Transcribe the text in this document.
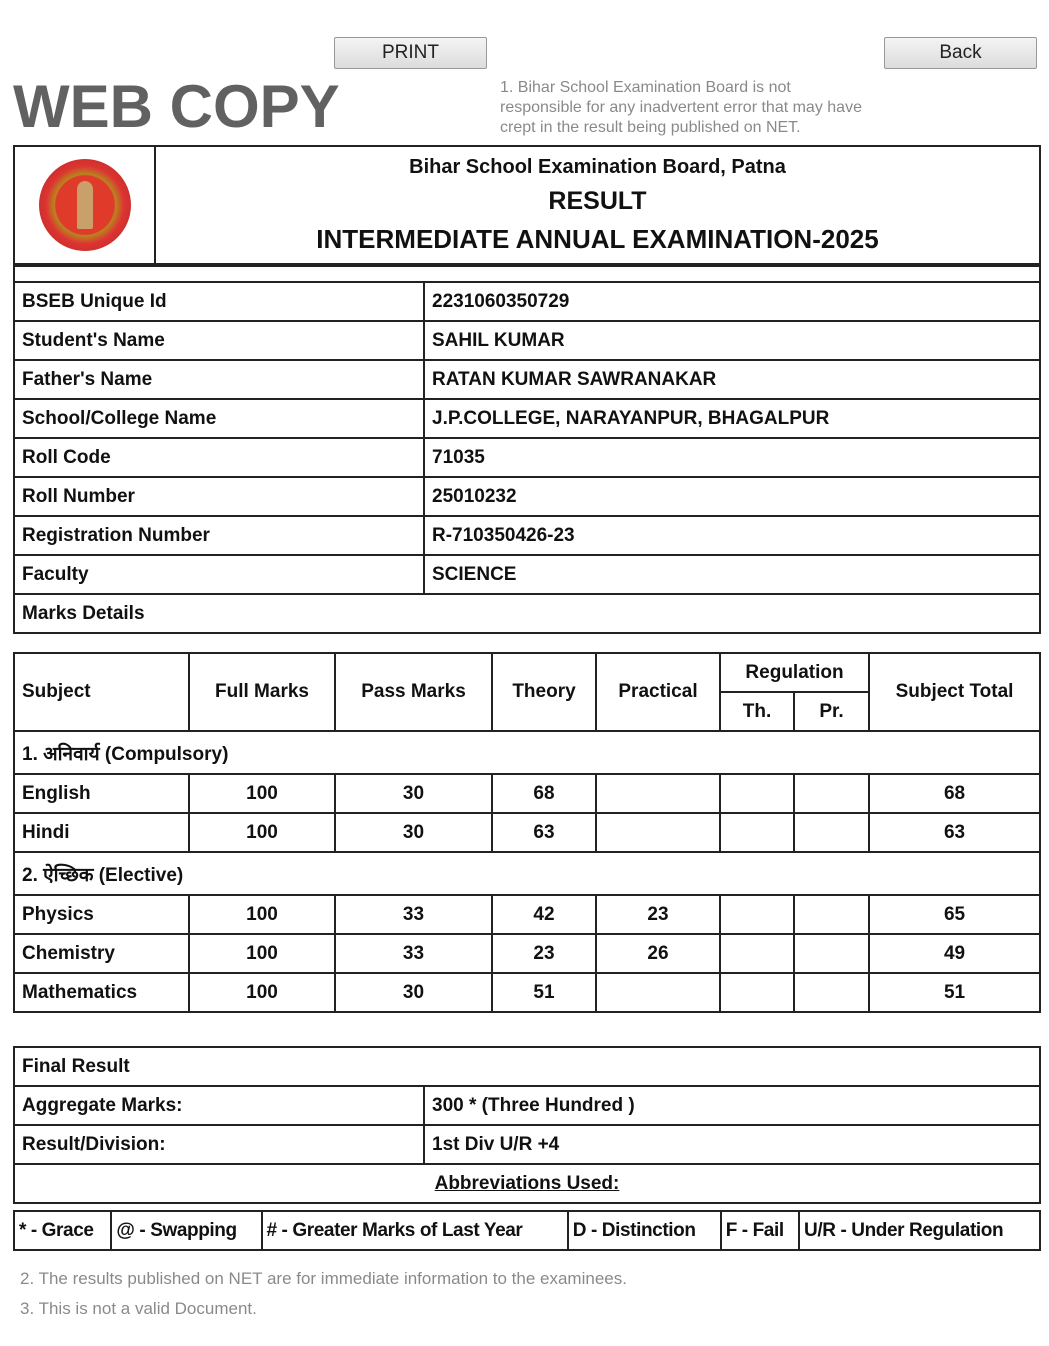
PRINT	Back
WEB COPY	1. Bihar School Examination Board is not responsible for any inadvertent error that may have crept in the result being published on NET.

Bihar School Examination Board, Patna
RESULT
INTERMEDIATE ANNUAL EXAMINATION-2025

BSEB Unique Id	2231060350729
Student's Name	SAHIL KUMAR
Father's Name	RATAN KUMAR SAWRANAKAR
School/College Name	J.P.COLLEGE, NARAYANPUR, BHAGALPUR
Roll Code	71035
Roll Number	25010232
Registration Number	R-710350426-23
Faculty	SCIENCE
Marks Details	
Subject	Full Marks	Pass Marks	Theory	Practical	Regulation		Subject Total
					Th.	Pr.	
1. अनिवार्य (Compulsory)							
English	100	30	68				68
Hindi	100	30	63				63
2. ऐच्छिक (Elective)							
Physics	100	33	42	23			65
Chemistry	100	33	23	26			49
Mathematics	100	30	51				51
Final Result	
Aggregate Marks:	300 * (Three Hundred )
Result/Division:	1st Div U/R +4
Abbreviations Used:	
* - Grace	@ - Swapping	# - Greater Marks of Last Year	D - Distinction	F - Fail	U/R - Under Regulation
2. The results published on NET are for immediate information to the examinees.
3. This is not a valid Document.
